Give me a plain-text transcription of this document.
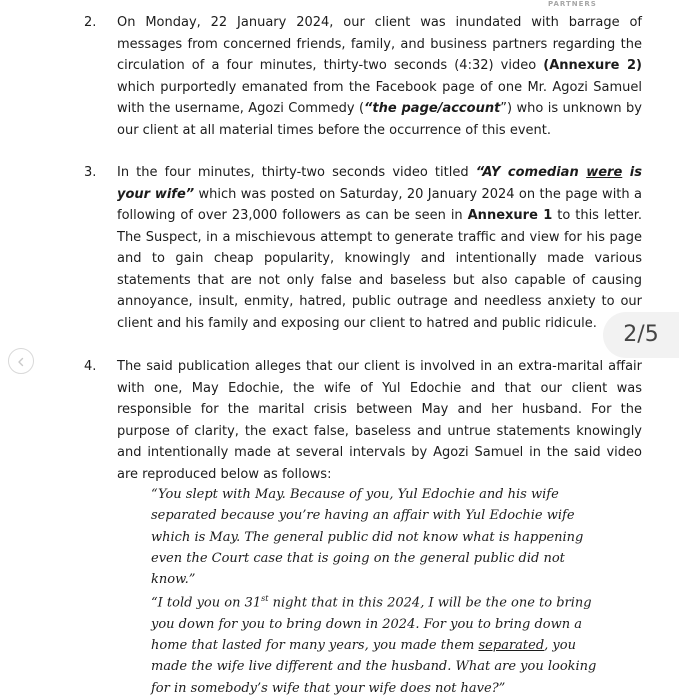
PARTNERS
2. On Monday, 22 January 2024, our client was inundated with barrage of messages from concerned friends, family, and business partners regarding the circulation of a four minutes, thirty-two seconds (4:32) video (Annexure 2) which purportedly emanated from the Facebook page of one Mr. Agozi Samuel with the username, Agozi Commedy (“the page/account”) who is unknown by our client at all material times before the occurrence of this event.
3. In the four minutes, thirty-two seconds video titled “AY comedian were is your wife” which was posted on Saturday, 20 January 2024 on the page with a following of over 23,000 followers as can be seen in Annexure 1 to this letter. The Suspect, in a mischievous attempt to generate traffic and view for his page and to gain cheap popularity, knowingly and intentionally made various statements that are not only false and baseless but also capable of causing annoyance, insult, enmity, hatred, public outrage and needless anxiety to our client and his family and exposing our client to hatred and public ridicule.
4. The said publication alleges that our client is involved in an extra-marital affair with one, May Edochie, the wife of Yul Edochie and that our client was responsible for the marital crisis between May and her husband. For the purpose of clarity, the exact false, baseless and untrue statements knowingly and intentionally made at several intervals by Agozi Samuel in the said video are reproduced below as follows:
“You slept with May. Because of you, Yul Edochie and his wife separated because you’re having an affair with Yul Edochie wife which is May. The general public did not know what is happening even the Court case that is going on the general public did not know.”
“I told you on 31st night that in this 2024, I will be the one to bring you down for you to bring down in 2024. For you to bring down a home that lasted for many years, you made them separated, you made the wife live different and the husband. What are you looking for in somebody’s wife that your wife does not have?”
2/5
